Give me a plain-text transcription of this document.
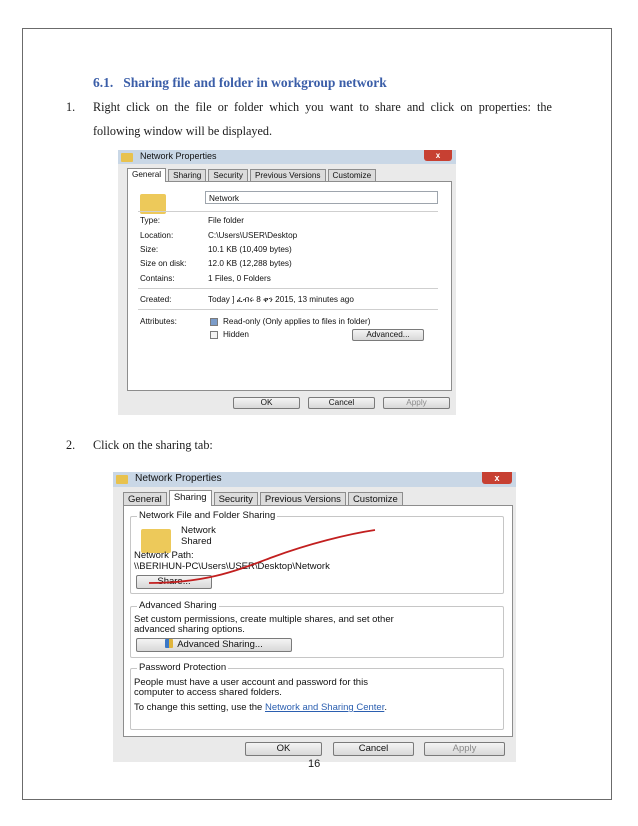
6.1. Sharing file and folder in workgroup network
1. Right click on the file or folder which you want to share and click on properties: the
following window will be displayed.
Network Properties	x
General	Sharing	Security	Previous Versions	Customize
Network
Type:	File folder
Location:	C:\Users\USER\Desktop
Size:	10.1 KB (10,409 bytes)
Size on disk:	12.0 KB (12,288 bytes)
Contains:	1 Files, 0 Folders
Created:	Today ] ፈብሩ 8 ቀን 2015, 13 minutes ago
Attributes:	Read-only (Only applies to files in folder)
Hidden	Advanced...
OK	Cancel	Apply
2. Click on the sharing tab:
Network Properties	x
General	Sharing	Security	Previous Versions	Customize
Network File and Folder Sharing
Network
Shared
Network Path:
\\BERIHUN-PC\Users\USER\Desktop\Network
Share...
Advanced Sharing
Set custom permissions, create multiple shares, and set other
advanced sharing options.
Advanced Sharing...
Password Protection
People must have a user account and password for this
computer to access shared folders.
To change this setting, use the Network and Sharing Center.
OK	Cancel	Apply
16
